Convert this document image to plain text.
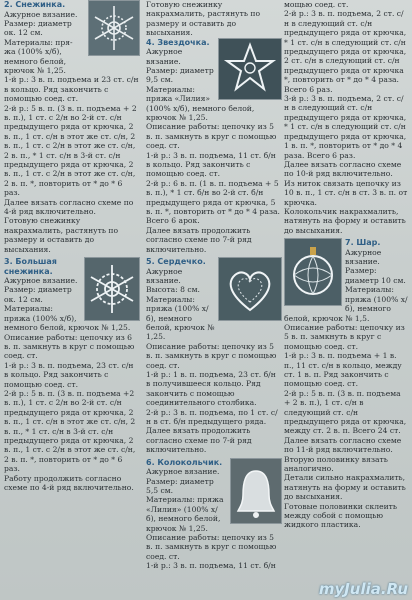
2. Снежинка.

Ажурное вязание.

Размер: диаметр ок. 12 см.

Материалы: пря-

жа (100% х/б), немного белой, крючок № 1,25.

1-й р.: 3 в. п. подъема и 23 ст. с/н в кольцо. Ряд закончить с помощью соед. ст.

2-й р.: 5 в. п. (3 в. п. подъема + 2 в. п.), 1 ст. с 2/н во 2-й ст. с/н предыдущего ряда от крючка, 2 в. п., 1 ст. с/н в этот же ст. с/н, 2 в. п., 1 ст. с 2/н в этот же ст. с/н, 2 в. п., * 1 ст. с/н в 3-й ст. с/н предыдущего ряда от крючка, 2 в. п., 1 ст. с 2/н в этот же ст. с/н, 2 в. п. *, повторить от * до * 6 раз.

Далее вязать согласно схеме по 4-й ряд включительно.

Готовую снежинку накрахмалить, растянуть по размеру и оставить до высыхания.

3. Большая снежинка.

Ажурное вязание.

Размер: диаметр ок. 12 см.

Материалы: пряжа (100% х/б), немного белой, крючок № 1,25.

Описание работы: цепочку из 6 в. п. замкнуть в круг с помощью соед. ст.

1-й р.: 3 в. п. подъема, 23 ст. с/н в кольцо. Ряд закончить с помощью соед. ст.

2-й р.: 5 в. п. (3 в. п. подъема +2 в. п.), 1 ст. с 2/н во 2-й ст. с/н предыдущего ряда от крючка, 2 в. п., 1 ст. с/н в этот же ст. с/н, 2 в. п., * 1 ст. с/н в 3-й ст. с/н предыдущего ряда от крючка, 2 в. п., 1 ст. с 2/н в этот же ст. с/н, 2 в. п. *, повторить от * до * 6 раз.

Работу продолжить согласно схеме по 4-й ряд включительно.

Готовую снежинку накрахмалить, растянуть по размеру и оставить до высыхания.

4. Звездочка.

Ажурное вязание.

Размер: диаметр 9,5 см.

Материалы: пряжа «Лилия» (100% х/б), немного белой, крючок № 1,25.

Описание работы: цепочку из 5 в. п. замкнуть в круг с помощью соед. ст.

1-й р.: 3 в. п. подъема, 11 ст. б/н в кольцо. Ряд закончить с помощью соед. ст.

2-й р.: 6 в. п. (1 в. п. подъема + 5 в. п.), * 1 ст. б/н во 2-й ст. б/н предыдущего ряда от крючка, 5 в. п. *, повторить от * до * 4 раза. Всего 6 арок.

Далее вязать продолжить согласно схеме по 7-й ряд включительно.

5. Сердечко.

Ажурное вязание.

Высота: 8 см.

Материалы: пряжа (100% х/б), немного белой, крючок № 1,25.

Описание работы: цепочку из 5 в. п. замкнуть в круг с помощью соед. ст.

1-й р.: 1 в. п. подъема, 23 ст. б/н в получившееся кольцо. Ряд закончить с помощью соединительного столбика.

2-й р.: 3 в. п. подъема, по 1 ст. с/н в ст. б/н предыдущего ряда. Далее вязать продолжить согласно схеме по 7-й ряд включительно.

6. Колокольчик.

Ажурное вязание.

Размер: диаметр 5,5 см.

Материалы: пряжа «Лилия» (100% х/б), немного белой, крючок № 1,25.

Описание работы: цепочку из 5 в. п. замкнуть в круг с помощью соед. ст.

1-й р.: 3 в. п. подъема, 11 ст. б/н

мощью соед. ст.

2-й р.: 3 в. п. подъема, 2 ст. с/н в следующий ст. с/н предыдущего ряда от крючка, * 1 ст. с/н в следующий ст. с/н предыдущего ряда от крючка, 2 ст. с/н в следующий ст. с/н предыдущего ряда от крючка *, повторить от * до * 4 раза. Всего 6 раз.

3-й р.: 3 в. п. подъема, 2 ст. с/н в следующий ст. с/н предыдущего ряда от крючка, * 1 ст. с/н в следующий ст. с/н предыдущего ряда от крючка, 1 в. п. *, повторить от * до * 4 раза. Всего 6 раз.

Далее вязать согласно схеме по 10-й ряд включительно.

Из ниток связать цепочку из 10 в. п., 1 ст. с/н в ст. 3 в. п. от крючка.

Колокольчик накрахмалить, натянуть на форму и оставить до высыхания.

7. Шар.

Ажурное вязание.

Размер: диаметр 10 см.

Материалы: пряжа (100% х/б), немного белой, крючок № 1,5.

Описание работы: цепочку из 5 в. п. замкнуть в круг с помощью соед. ст.

1-й р.: 3 в. п. подъема + 1 в. п., 11 ст. с/н в кольцо, между ст. 1 в. п. Ряд закончить с помощью соед. ст.

2-й р.: 5 в. п. (3 в. п. подъема + 2 в. п.), 1 ст. с/н в следующий ст. с/н предыдущего ряда от крючка, между ст. 2 в. п. Всего 24 ст.

Далее вязать согласно схеме по 11-й ряд включительно.

Вторую половинку вязать аналогично.

Детали сильно накрахмалить, натянуть на форму и оставить до высыхания.

Готовые половинки склеить между собой с помощью жидкого пластика.

myJulia.Ru
